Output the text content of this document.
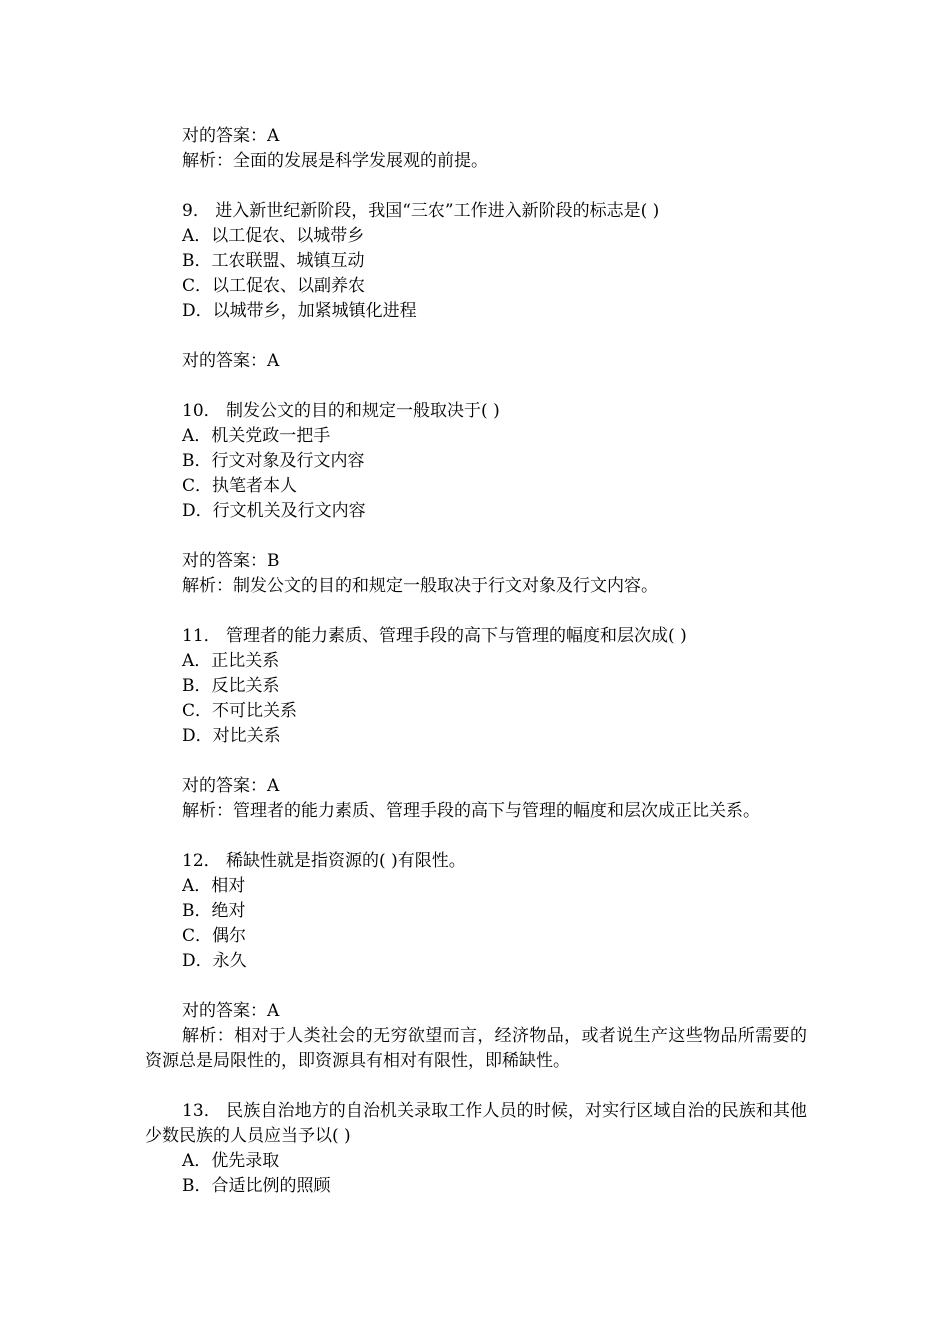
对的答案：A
解析：全面的发展是科学发展观的前提。
9． 进入新世纪新阶段，我国“三农”工作进入新阶段的标志是( )
A．以工促农、以城带乡
B．工农联盟、城镇互动
C．以工促农、以副养农
D．以城带乡，加紧城镇化进程
对的答案：A
10． 制发公文的目的和规定一般取决于( )
A．机关党政一把手
B．行文对象及行文内容
C．执笔者本人
D．行文机关及行文内容
对的答案：B
解析：制发公文的目的和规定一般取决于行文对象及行文内容。
11． 管理者的能力素质、管理手段的高下与管理的幅度和层次成( )
A．正比关系
B．反比关系
C．不可比关系
D．对比关系
对的答案：A
解析：管理者的能力素质、管理手段的高下与管理的幅度和层次成正比关系。
12． 稀缺性就是指资源的( )有限性。
A．相对
B．绝对
C．偶尔
D．永久
对的答案：A
解析：相对于人类社会的无穷欲望而言，经济物品，或者说生产这些物品所需要的资源总是局限性的，即资源具有相对有限性，即稀缺性。
13． 民族自治地方的自治机关录取工作人员的时候，对实行区域自治的民族和其他少数民族的人员应当予以( )
A．优先录取
B．合适比例的照顾
